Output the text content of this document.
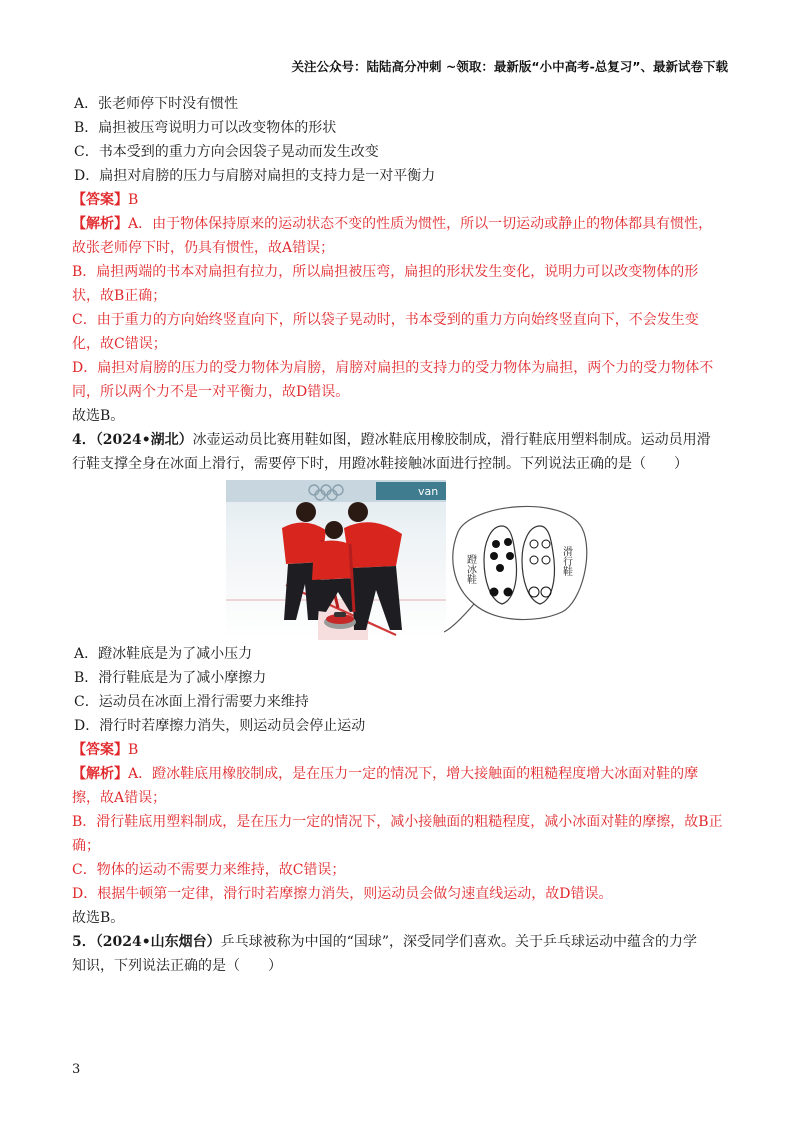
关注公众号：陆陆高分冲刺 ~领取：最新版“小中高考-总复习”、最新试卷下载
A．张老师停下时没有惯性
B．扁担被压弯说明力可以改变物体的形状
C．书本受到的重力方向会因袋子晃动而发生改变
D．扁担对肩膀的压力与肩膀对扁担的支持力是一对平衡力
【答案】B
【解析】A．由于物体保持原来的运动状态不变的性质为惯性，所以一切运动或静止的物体都具有惯性，
故张老师停下时，仍具有惯性，故A错误；
B．扁担两端的书本对扁担有拉力，所以扁担被压弯，扁担的形状发生变化，说明力可以改变物体的形
状，故B正确；
C．由于重力的方向始终竖直向下，所以袋子晃动时，书本受到的重力方向始终竖直向下，不会发生变
化，故C错误；
D．扁担对肩膀的压力的受力物体为肩膀，肩膀对扁担的支持力的受力物体为扁担，两个力的受力物体不
同，所以两个力不是一对平衡力，故D错误。
故选B。
4．（2024•湖北）冰壶运动员比赛用鞋如图，蹬冰鞋底用橡胶制成，滑行鞋底用塑料制成。运动员用滑
行鞋支撑全身在冰面上滑行，需要停下时，用蹬冰鞋接触冰面进行控制。下列说法正确的是（　　）
van
蹬冰鞋	滑行鞋
A．蹬冰鞋底是为了减小压力
B．滑行鞋底是为了减小摩擦力
C．运动员在冰面上滑行需要力来维持
D．滑行时若摩擦力消失，则运动员会停止运动
【答案】B
【解析】A．蹬冰鞋底用橡胶制成，是在压力一定的情况下，增大接触面的粗糙程度增大冰面对鞋的摩
擦，故A错误；
B．滑行鞋底用塑料制成，是在压力一定的情况下，减小接触面的粗糙程度，减小冰面对鞋的摩擦，故B正
确；
C．物体的运动不需要力来维持，故C错误；
D．根据牛顿第一定律，滑行时若摩擦力消失，则运动员会做匀速直线运动，故D错误。
故选B。
5．（2024•山东烟台）乒乓球被称为中国的“国球”，深受同学们喜欢。关于乒乓球运动中蕴含的力学
知识，下列说法正确的是（　　）
3
